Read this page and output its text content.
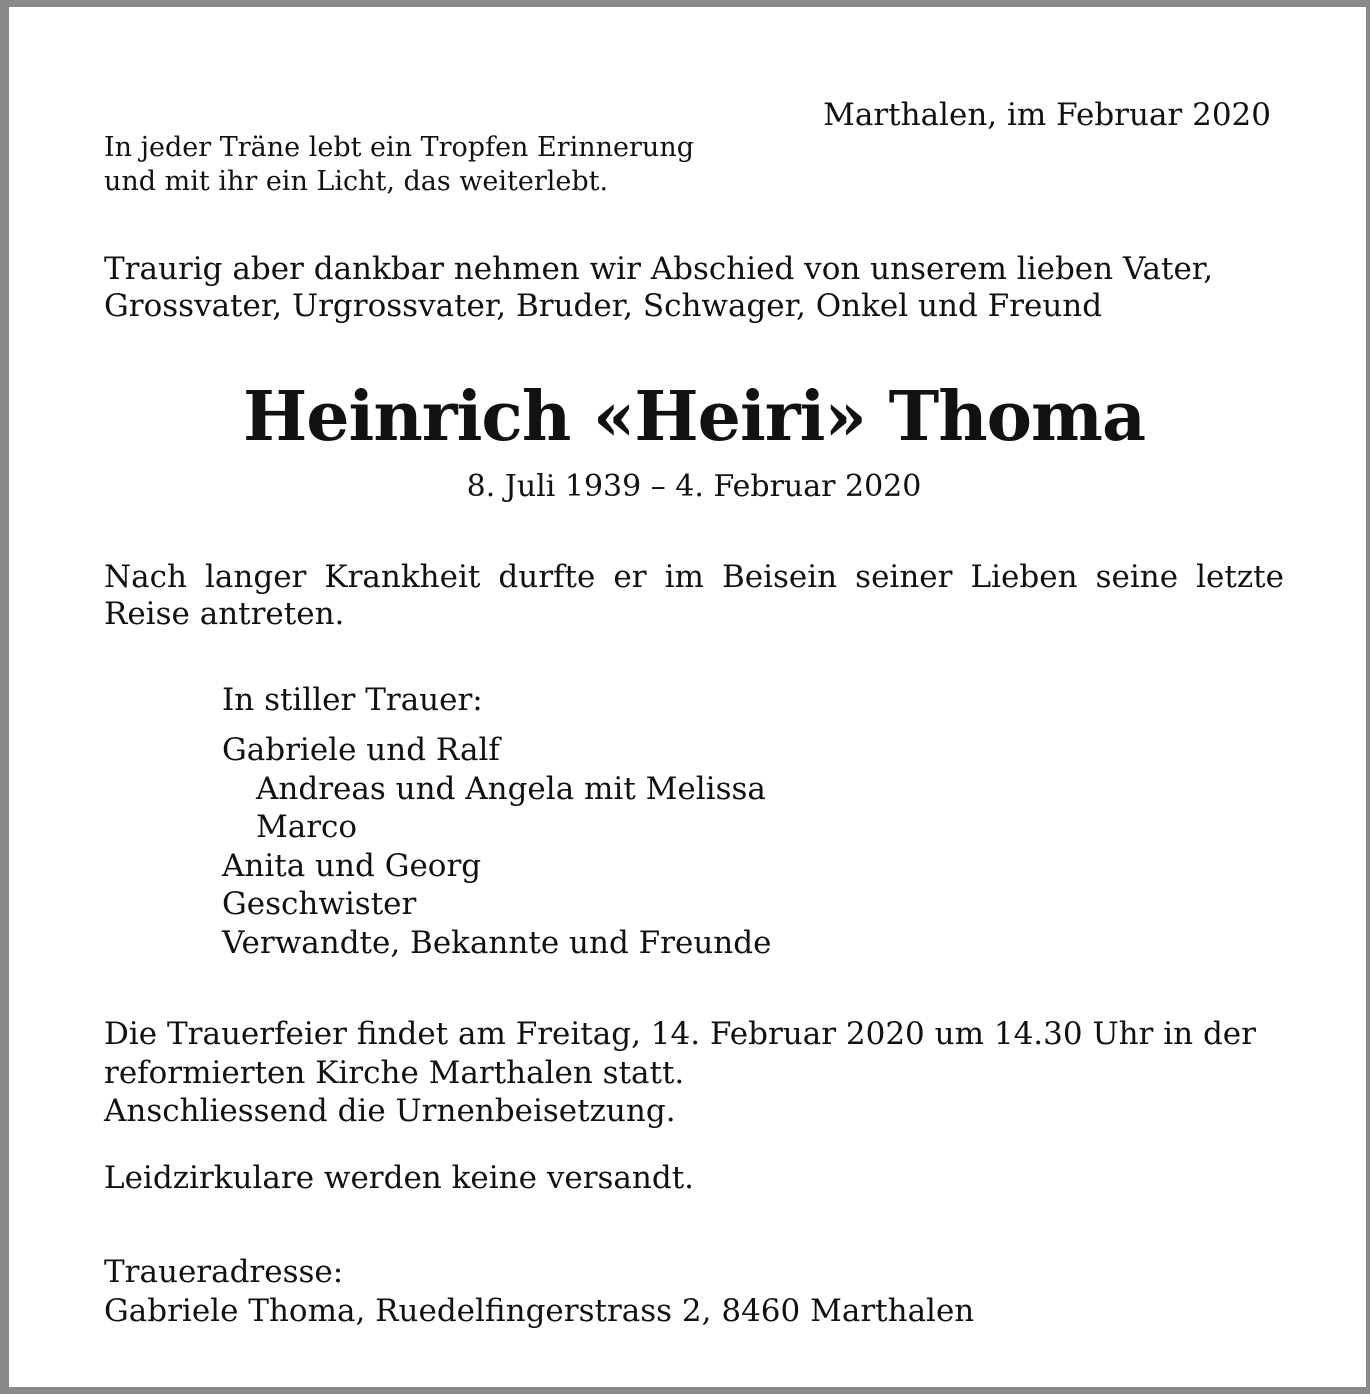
In jeder Träne lebt ein Tropfen Erinnerung
und mit ihr ein Licht, das weiterlebt.

Marthalen, im Februar 2020

Traurig aber dankbar nehmen wir Abschied von unserem lieben Vater,
Grossvater, Urgrossvater, Bruder, Schwager, Onkel und Freund

Heinrich «Heiri» Thoma

8. Juli 1939 – 4. Februar 2020

Nach langer Krankheit durfte er im Beisein seiner Lieben seine letzte Reise antreten.

In stiller Trauer:

Gabriele und Ralf
Andreas und Angela mit Melissa
Marco
Anita und Georg
Geschwister
Verwandte, Bekannte und Freunde

Die Trauerfeier findet am Freitag, 14. Februar 2020 um 14.30 Uhr in der
reformierten Kirche Marthalen statt.
Anschliessend die Urnenbeisetzung.

Leidzirkulare werden keine versandt.

Traueradresse:
Gabriele Thoma, Ruedelfingerstrass 2, 8460 Marthalen
